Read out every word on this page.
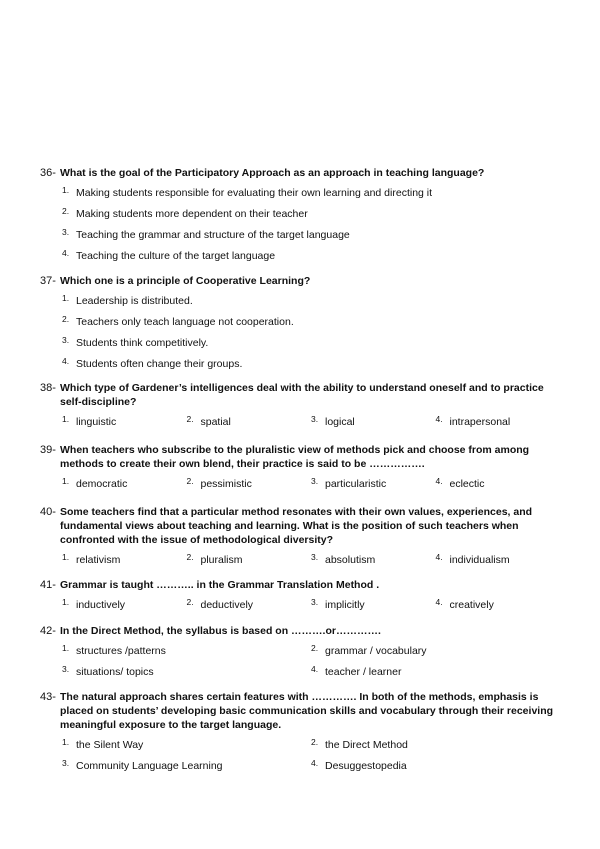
36- What is the goal of the Participatory Approach as an approach in teaching language?
1. Making students responsible for evaluating their own learning and directing it
2. Making students more dependent on their teacher
3. Teaching the grammar and structure of the target language
4. Teaching the culture of the target language
37- Which one is a principle of Cooperative Learning?
1. Leadership is distributed.
2. Teachers only teach language not cooperation.
3. Students think competitively.
4. Students often change their groups.
38- Which type of Gardener’s intelligences deal with the ability to understand oneself and to practice self-discipline?
1. linguistic	2. spatial	3. logical	4. intrapersonal
39- When teachers who subscribe to the pluralistic view of methods pick and choose from among methods to create their own blend, their practice is said to be …………….
1. democratic	2. pessimistic	3. particularistic	4. eclectic
40- Some teachers find that a particular method resonates with their own values, experiences, and fundamental views about teaching and learning. What is the position of such teachers when confronted with the issue of methodological diversity?
1. relativism	2. pluralism	3. absolutism	4. individualism
41- Grammar is taught ……….. in the Grammar Translation Method .
1. inductively	2. deductively	3. implicitly	4. creatively
42- In the Direct Method, the syllabus is based on ……….or………….
1. structures /patterns	2. grammar / vocabulary
3. situations/ topics	4. teacher / learner
43- The natural approach shares certain features with …………. In both of the methods, emphasis is placed on students’ developing basic communication skills and vocabulary through their receiving meaningful exposure to the target language.
1. the Silent Way	2. the Direct Method
3. Community Language Learning	4. Desuggestopedia
